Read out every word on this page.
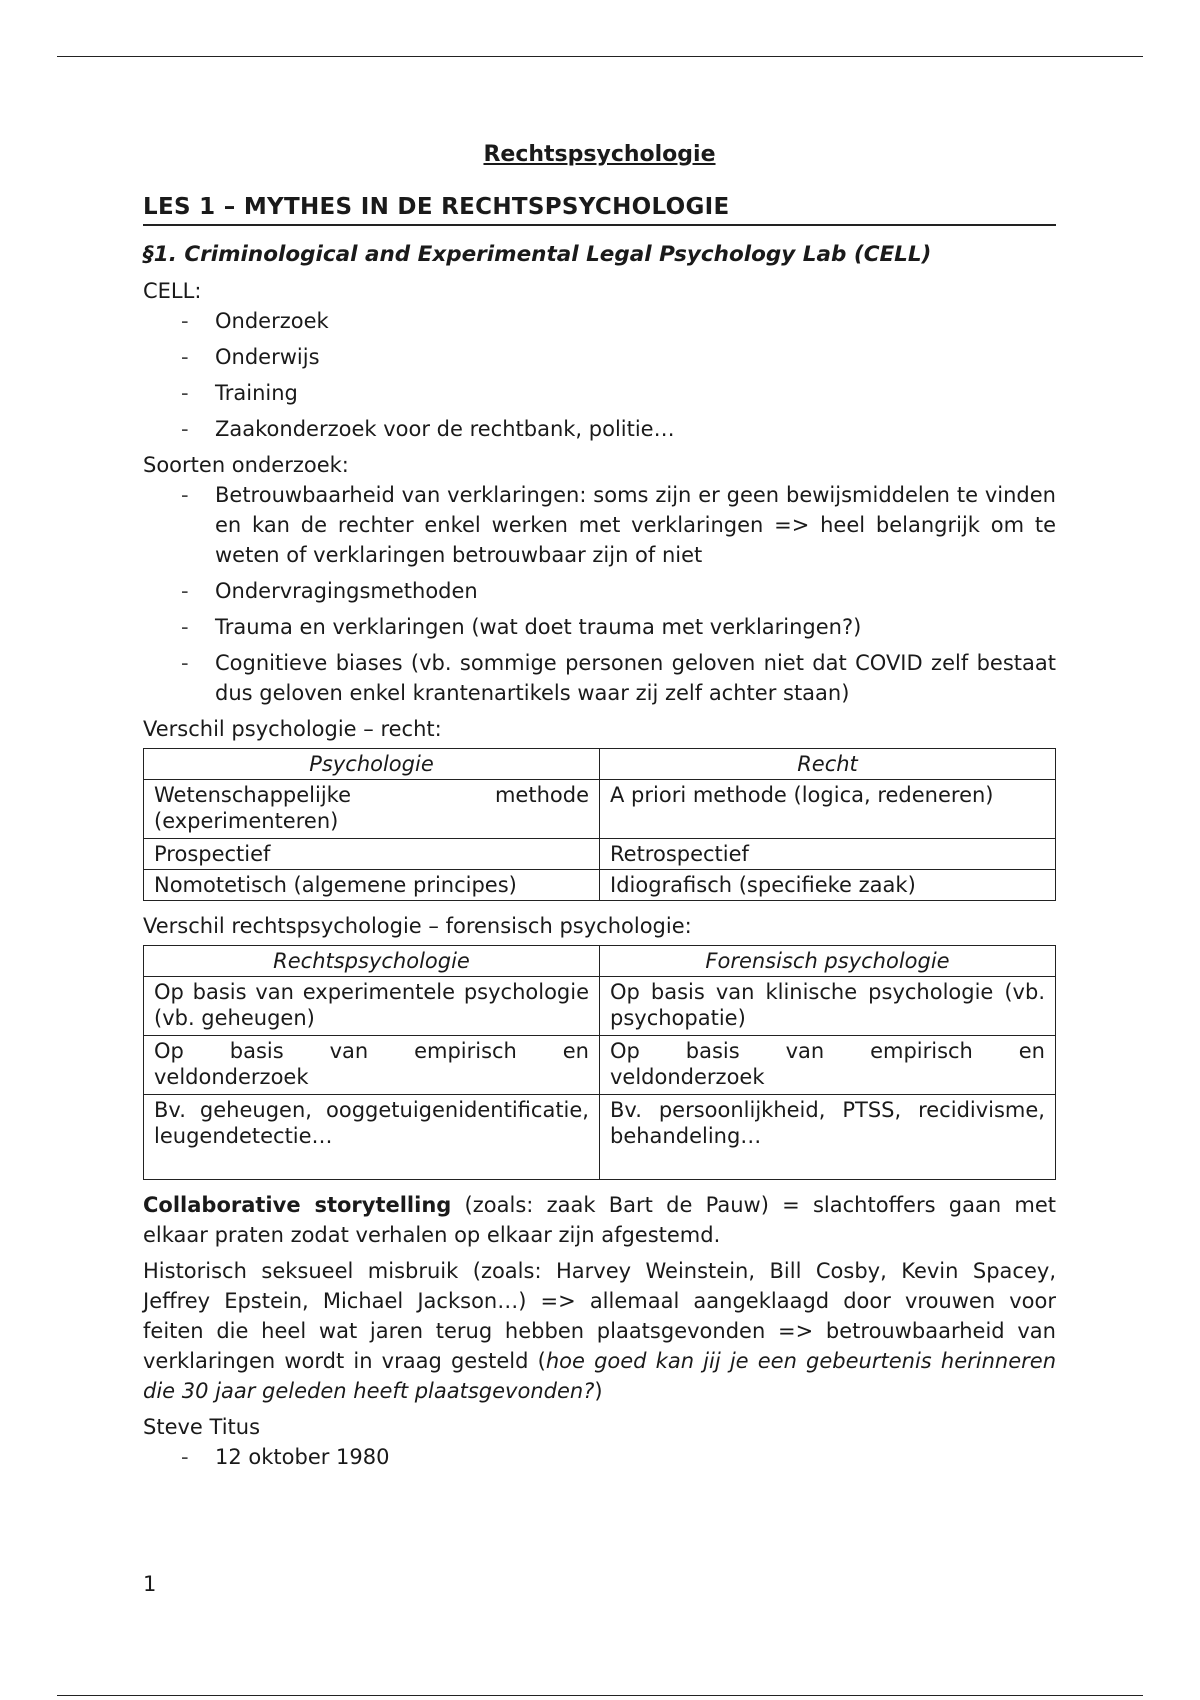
Rechtspsychologie

LES 1 – MYTHES IN DE RECHTSPSYCHOLOGIE

§1. Criminological and Experimental Legal Psychology Lab (CELL)

CELL:

- Onderzoek
- Onderwijs
- Training
- Zaakonderzoek voor de rechtbank, politie…

Soorten onderzoek:

- Betrouwbaarheid van verklaringen: soms zijn er geen bewijsmiddelen te vinden en kan de rechter enkel werken met verklaringen => heel belangrijk om te weten of verklaringen betrouwbaar zijn of niet
- Ondervragingsmethoden
- Trauma en verklaringen (wat doet trauma met verklaringen?)
- Cognitieve biases (vb. sommige personen geloven niet dat COVID zelf bestaat dus geloven enkel krantenartikels waar zij zelf achter staan)

Verschil psychologie – recht:

Psychologie	Recht
Wetenschappelijke methode (experimenteren)	A priori methode (logica, redeneren)
Prospectief	Retrospectief
Nomotetisch (algemene principes)	Idiografisch (specifieke zaak)

Verschil rechtspsychologie – forensisch psychologie:

Rechtspsychologie	Forensisch psychologie
Op basis van experimentele psychologie (vb. geheugen)	Op basis van klinische psychologie (vb. psychopatie)
Op basis van empirisch en veldonderzoek	Op basis van empirisch en veldonderzoek
Bv. geheugen, ooggetuigenidentificatie, leugendetectie…	Bv. persoonlijkheid, PTSS, recidivisme, behandeling…

Collaborative storytelling (zoals: zaak Bart de Pauw) = slachtoffers gaan met elkaar praten zodat verhalen op elkaar zijn afgestemd.

Historisch seksueel misbruik (zoals: Harvey Weinstein, Bill Cosby, Kevin Spacey, Jeffrey Epstein, Michael Jackson…) => allemaal aangeklaagd door vrouwen voor feiten die heel wat jaren terug hebben plaatsgevonden => betrouwbaarheid van verklaringen wordt in vraag gesteld (hoe goed kan jij je een gebeurtenis herinneren die 30 jaar geleden heeft plaatsgevonden?)

Steve Titus

- 12 oktober 1980
1
